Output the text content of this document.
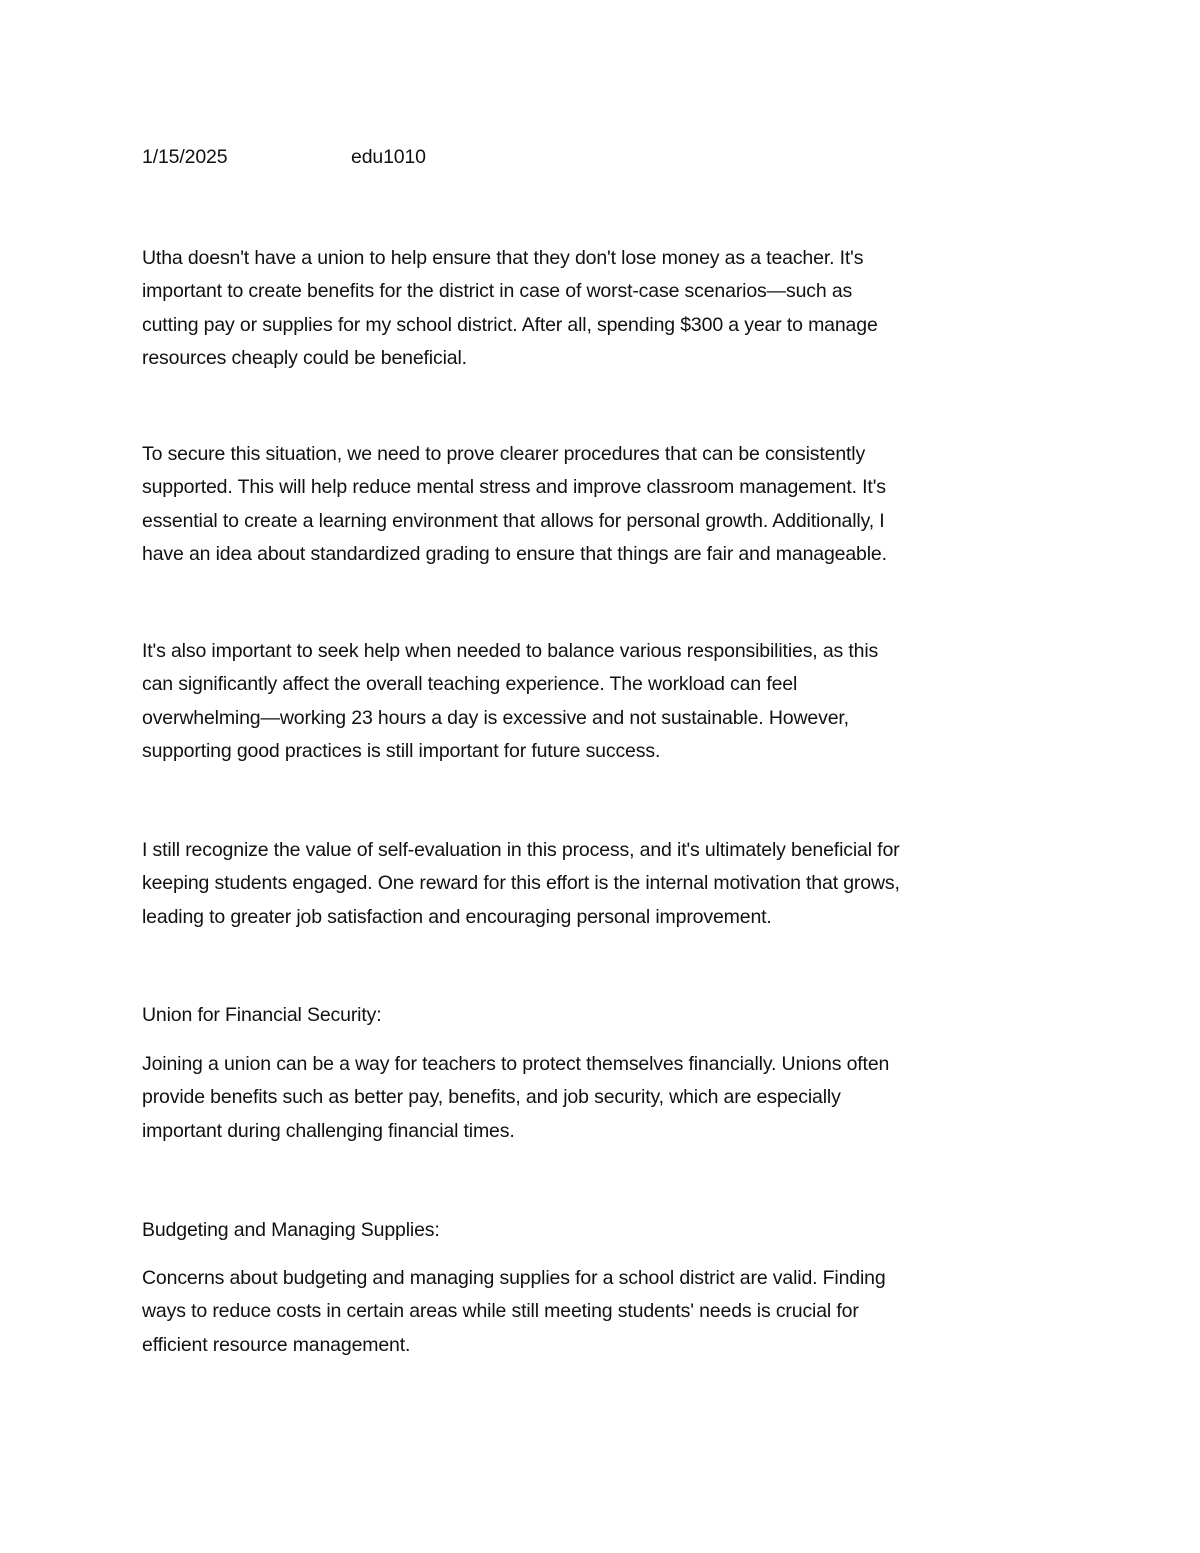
1/15/2025	edu1010

Utha doesn't have a union to help ensure that they don't lose money as a teacher. It's
important to create benefits for the district in case of worst-case scenarios—such as
cutting pay or supplies for my school district. After all, spending $300 a year to manage
resources cheaply could be beneficial.

To secure this situation, we need to prove clearer procedures that can be consistently
supported. This will help reduce mental stress and improve classroom management. It's
essential to create a learning environment that allows for personal growth. Additionally, I
have an idea about standardized grading to ensure that things are fair and manageable.

It's also important to seek help when needed to balance various responsibilities, as this
can significantly affect the overall teaching experience. The workload can feel
overwhelming—working 23 hours a day is excessive and not sustainable. However,
supporting good practices is still important for future success.

I still recognize the value of self-evaluation in this process, and it's ultimately beneficial for
keeping students engaged. One reward for this effort is the internal motivation that grows,
leading to greater job satisfaction and encouraging personal improvement.

Union for Financial Security:

Joining a union can be a way for teachers to protect themselves financially. Unions often
provide benefits such as better pay, benefits, and job security, which are especially
important during challenging financial times.

Budgeting and Managing Supplies:

Concerns about budgeting and managing supplies for a school district are valid. Finding
ways to reduce costs in certain areas while still meeting students' needs is crucial for
efficient resource management.
